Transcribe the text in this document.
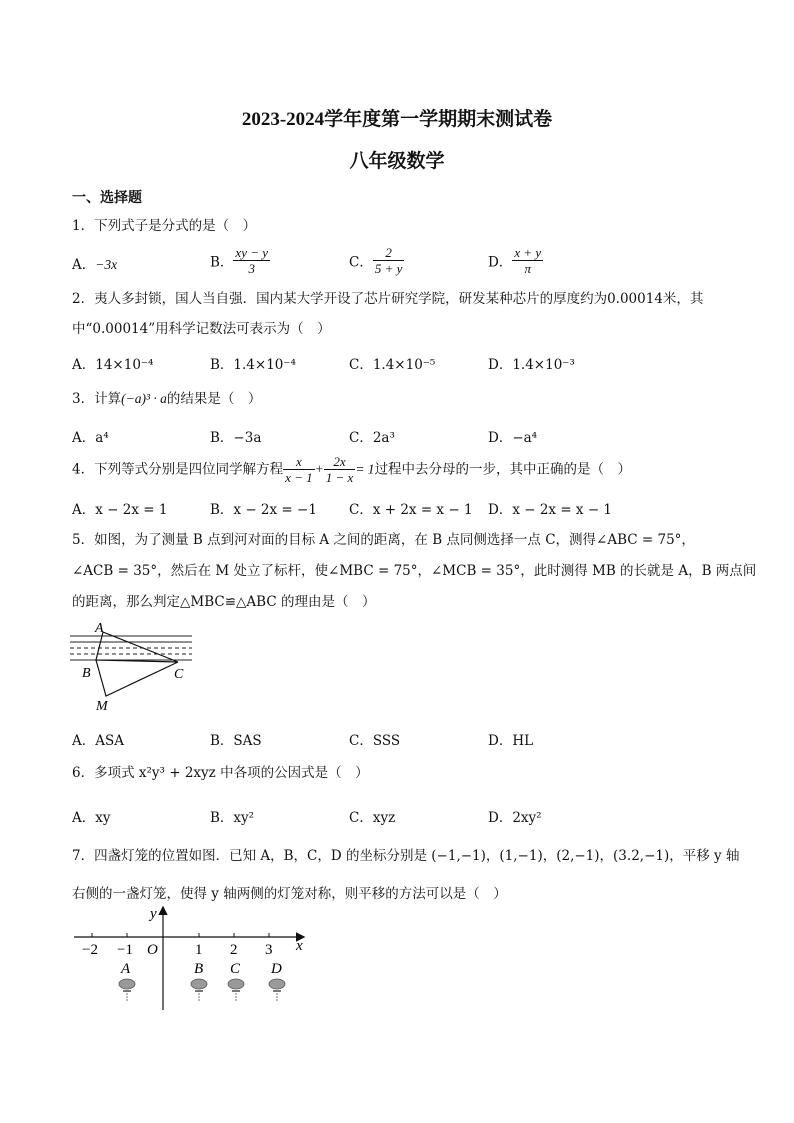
2023-2024学年度第一学期期末测试卷
八年级数学
一、选择题
1．下列式子是分式的是（　）
A．−3x	B． $\frac{xy - y}{3}$	C． $\frac{2}{5 + y}$	D． $\frac{x + y}{\pi}$
2．夷人多封锁，国人当自强．国内某大学开设了芯片研究学院，研发某种芯片的厚度约为0.00014米，其
中“0.00014”用科学记数法可表示为（　）
A．14×10⁻⁴	B．1.4×10⁻⁴	C．1.4×10⁻⁵	D．1.4×10⁻³
3．计算(−a)³ · a的结果是（　）
A．a⁴	B．−3a	C．2a³	D．−a⁴
4．下列等式分别是四位同学解方程 $\frac{x}{x - 1} + \frac{2x}{1 - x} = 1$过程中去分母的一步，其中正确的是（　）
A．x − 2x = 1	B．x − 2x = −1 C．x + 2x = x − 1 D．x − 2x = x − 1
5．如图，为了测量 B 点到河对面的目标 A 之间的距离，在 B 点同侧选择一点 C，测得∠ABC = 75°，
∠ACB = 35°，然后在 M 处立了标杆，使∠MBC = 75°，∠MCB = 35°，此时测得 MB 的长就是 A，B 两点间
的距离，那么判定△MBC≌△ABC 的理由是（　）
A
B	C
M
A．ASA	B．SAS	C．SSS	D．HL
6．多项式 x²y³ + 2xyz 中各项的公因式是（　）
A．xy	B．xy²	C．xyz	D．2xy²
7．四盏灯笼的位置如图．已知 A，B，C，D 的坐标分别是 (−1,−1)，(1,−1)，(2,−1)，(3.2,−1)，平移 y 轴
右侧的一盏灯笼，使得 y 轴两侧的灯笼对称，则平移的方法可以是（　）
y
x
O
−2 −1	1 2 3
A	B C D
